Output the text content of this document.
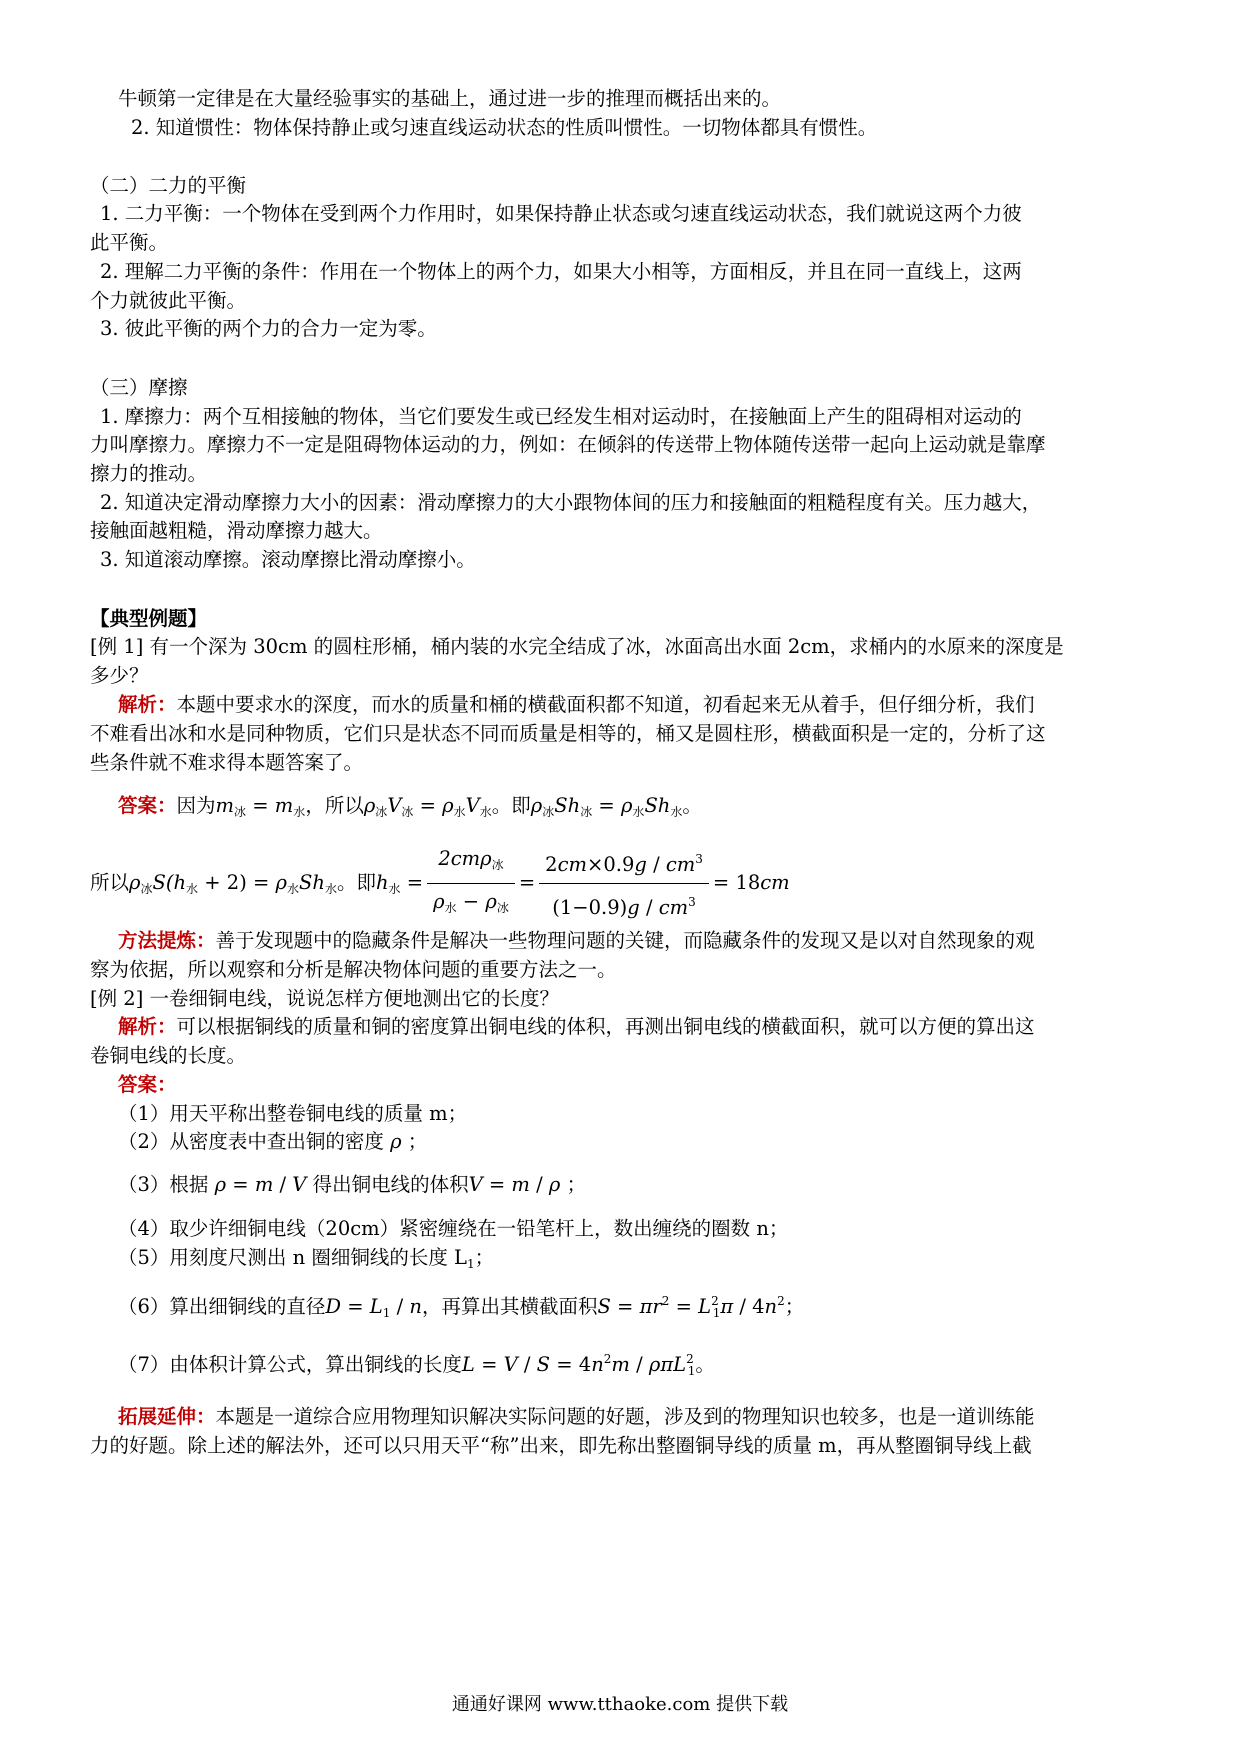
牛顿第一定律是在大量经验事实的基础上，通过进一步的推理而概括出来的。
2. 知道惯性：物体保持静止或匀速直线运动状态的性质叫惯性。一切物体都具有惯性。
（二）二力的平衡
1. 二力平衡：一个物体在受到两个力作用时，如果保持静止状态或匀速直线运动状态，我们就说这两个力彼
此平衡。
2. 理解二力平衡的条件：作用在一个物体上的两个力，如果大小相等，方面相反，并且在同一直线上，这两
个力就彼此平衡。
3. 彼此平衡的两个力的合力一定为零。
（三）摩擦
1. 摩擦力：两个互相接触的物体，当它们要发生或已经发生相对运动时，在接触面上产生的阻碍相对运动的
力叫摩擦力。摩擦力不一定是阻碍物体运动的力，例如：在倾斜的传送带上物体随传送带一起向上运动就是靠摩
擦力的推动。
2. 知道决定滑动摩擦力大小的因素：滑动摩擦力的大小跟物体间的压力和接触面的粗糙程度有关。压力越大，
接触面越粗糙，滑动摩擦力越大。
3. 知道滚动摩擦。滚动摩擦比滑动摩擦小。
【典型例题】
[例 1] 有一个深为 30cm 的圆柱形桶，桶内装的水完全结成了冰，冰面高出水面 2cm，求桶内的水原来的深度是
多少？
解析：本题中要求水的深度，而水的质量和桶的横截面积都不知道，初看起来无从着手，但仔细分析，我们
不难看出冰和水是同种物质，它们只是状态不同而质量是相等的，桶又是圆柱形，横截面积是一定的，分析了这
些条件就不难求得本题答案了。
答案：因为$m_冰 = m_水$，所以$\rho_冰V_冰 = \rho_水V_水$。即$\rho_冰Sh_冰 = \rho_水Sh_水$。
所以$\rho_冰S(h_水 + 2) = \rho_水Sh_水$。即$h_水 = \frac{2cm\rho_冰}{\rho_水 - \rho_冰} = \frac{2cm\times 0.9g / cm^3}{(1-0.9)g / cm^3} = 18cm$
方法提炼：善于发现题中的隐藏条件是解决一些物理问题的关键，而隐藏条件的发现又是以对自然现象的观
察为依据，所以观察和分析是解决物体问题的重要方法之一。
[例 2] 一卷细铜电线，说说怎样方便地测出它的长度？
解析：可以根据铜线的质量和铜的密度算出铜电线的体积，再测出铜电线的横截面积，就可以方便的算出这
卷铜电线的长度。
答案：
（1）用天平称出整卷铜电线的质量 m；
（2）从密度表中查出铜的密度 ρ ；
（3）根据 ρ = m / V 得出铜电线的体积V = m / ρ ；
（4）取少许细铜电线（20cm）紧密缠绕在一铅笔杆上，数出缠绕的圈数 n；
（5）用刻度尺测出 n 圈细铜线的长度 $L_1$；
（6）算出细铜线的直径$D = L_1 / n$，再算出其横截面积$S = \pi r^2 = L^2_1\pi / 4n^2$；
（7）由体积计算公式，算出铜线的长度$L = V / S = 4n^2m / \rho\pi L^2_1$。
拓展延伸：本题是一道综合应用物理知识解决实际问题的好题，涉及到的物理知识也较多，也是一道训练能
力的好题。除上述的解法外，还可以只用天平“称”出来，即先称出整圈铜导线的质量 m，再从整圈铜导线上截
通通好课网 www.tthaoke.com 提供下载
